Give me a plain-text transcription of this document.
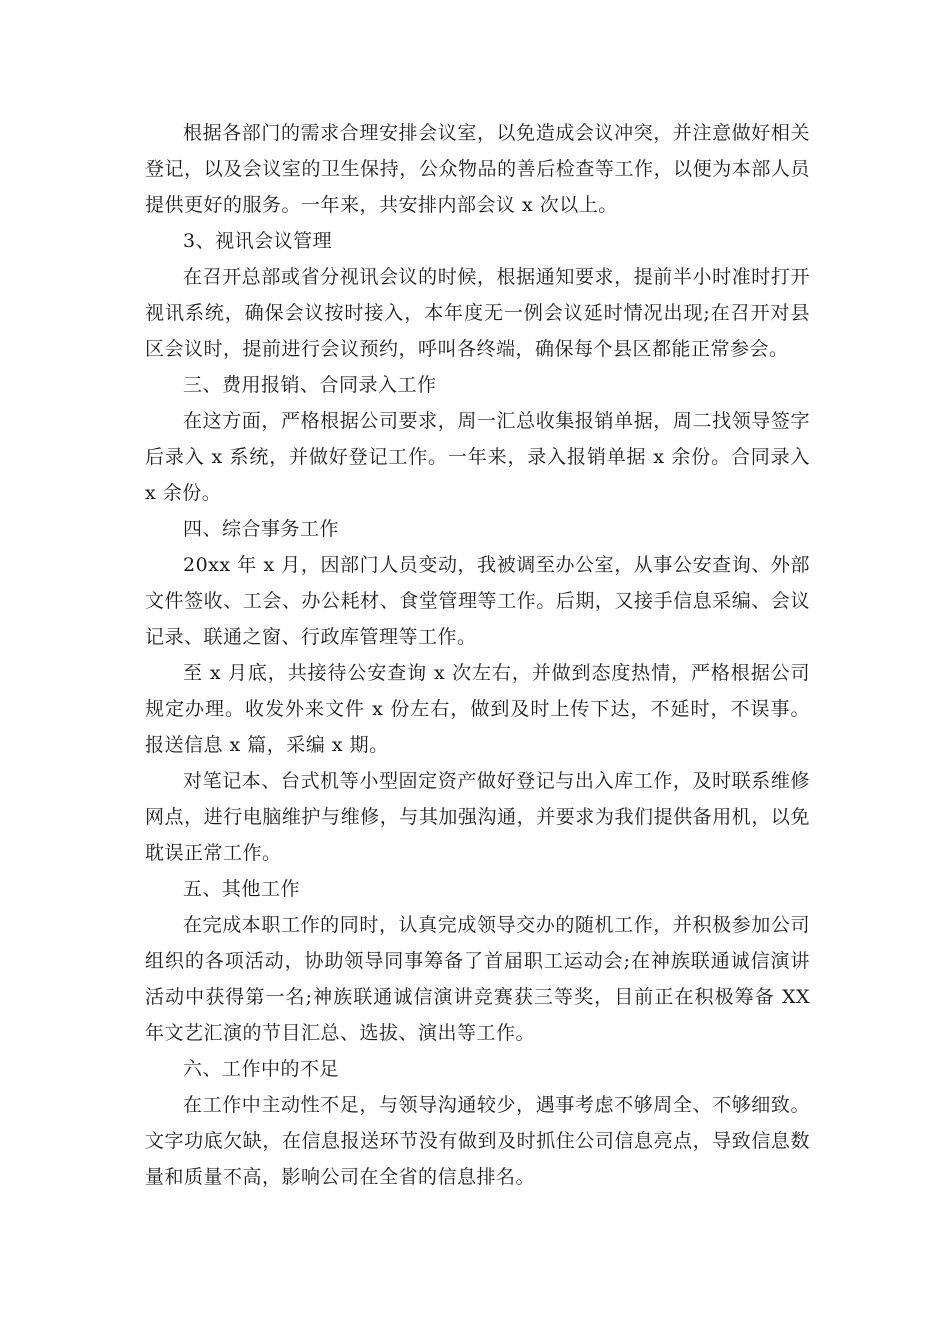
根据各部门的需求合理安排会议室，以免造成会议冲突，并注意做好相关登记，以及会议室的卫生保持，公众物品的善后检查等工作，以便为本部人员提供更好的服务。一年来，共安排内部会议 x 次以上。

3、视讯会议管理

在召开总部或省分视讯会议的时候，根据通知要求，提前半小时准时打开视讯系统，确保会议按时接入，本年度无一例会议延时情况出现;在召开对县区会议时，提前进行会议预约，呼叫各终端，确保每个县区都能正常参会。

三、费用报销、合同录入工作

在这方面，严格根据公司要求，周一汇总收集报销单据，周二找领导签字后录入 x 系统，并做好登记工作。一年来，录入报销单据 x 余份。合同录入 x 余份。

四、综合事务工作

20xx 年 x 月，因部门人员变动，我被调至办公室，从事公安查询、外部文件签收、工会、办公耗材、食堂管理等工作。后期，又接手信息采编、会议记录、联通之窗、行政库管理等工作。

至 x 月底，共接待公安查询 x 次左右，并做到态度热情，严格根据公司规定办理。收发外来文件 x 份左右，做到及时上传下达，不延时，不误事。报送信息 x 篇，采编 x 期。

对笔记本、台式机等小型固定资产做好登记与出入库工作，及时联系维修网点，进行电脑维护与维修，与其加强沟通，并要求为我们提供备用机，以免耽误正常工作。

五、其他工作

在完成本职工作的同时，认真完成领导交办的随机工作，并积极参加公司组织的各项活动，协助领导同事筹备了首届职工运动会;在神族联通诚信演讲活动中获得第一名;神族联通诚信演讲竞赛获三等奖，目前正在积极筹备 XX 年文艺汇演的节目汇总、选拔、演出等工作。

六、工作中的不足

在工作中主动性不足，与领导沟通较少，遇事考虑不够周全、不够细致。文字功底欠缺，在信息报送环节没有做到及时抓住公司信息亮点，导致信息数量和质量不高，影响公司在全省的信息排名。
